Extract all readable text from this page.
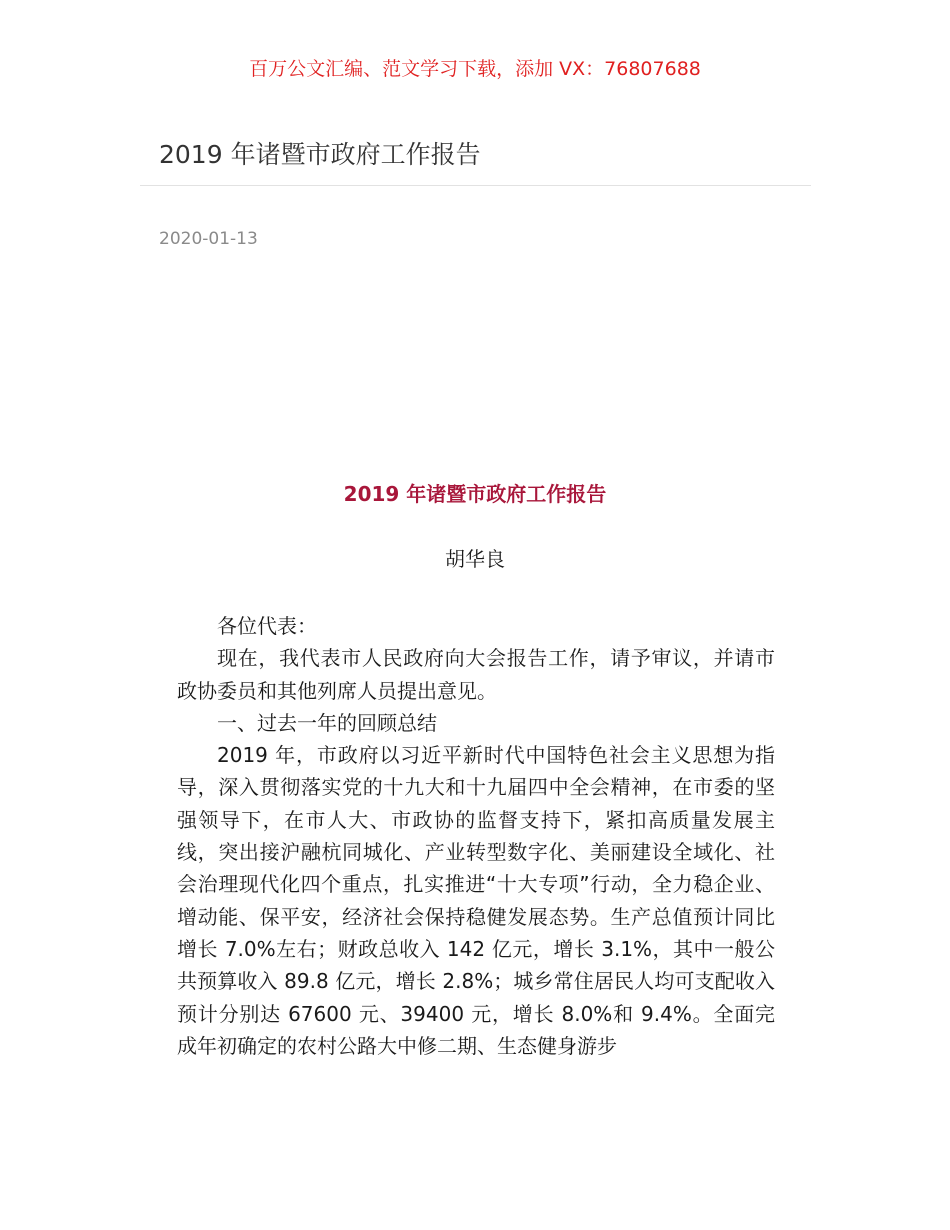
百万公文汇编、范文学习下载，添加 VX：76807688
2019 年诸暨市政府工作报告
2020-01-13
2019 年诸暨市政府工作报告
胡华良

各位代表：

现在，我代表市人民政府向大会报告工作，请予审议，并请市政协委员和其他列席人员提出意见。

一、过去一年的回顾总结

2019 年，市政府以习近平新时代中国特色社会主义思想为指导，深入贯彻落实党的十九大和十九届四中全会精神，在市委的坚强领导下，在市人大、市政协的监督支持下，紧扣高质量发展主线，突出接沪融杭同城化、产业转型数字化、美丽建设全域化、社会治理现代化四个重点，扎实推进“十大专项”行动，全力稳企业、增动能、保平安，经济社会保持稳健发展态势。生产总值预计同比增长 7.0%左右；财政总收入 142 亿元，增长 3.1%，其中一般公共预算收入 89.8 亿元，增长 2.8%；城乡常住居民人均可支配收入预计分别达 67600 元、39400 元，增长 8.0%和 9.4%。全面完成年初确定的农村公路大中修二期、生态健身游步
